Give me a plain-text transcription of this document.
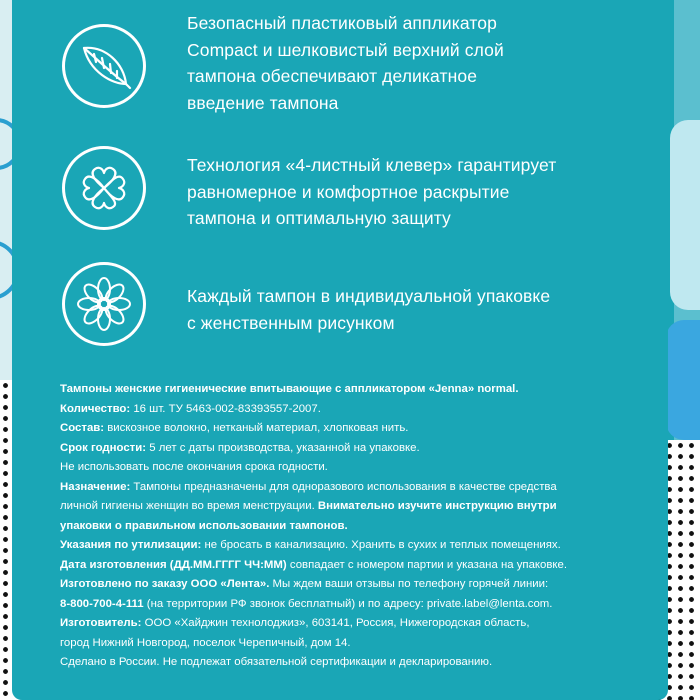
Безопасный пластиковый аппликатор
Compact и шелковистый верхний слой
тампона обеспечивают деликатное
введение тампона
Технология «4-листный клевер» гарантирует
равномерное и комфортное раскрытие
тампона и оптимальную защиту
Каждый тампон в индивидуальной упаковке
с женственным рисунком

Тампоны женские гигиенические впитывающие с аппликатором «Jenna» normal.

Количество: 16 шт. ТУ 5463-002-83393557-2007.

Состав: вискозное волокно, нетканый материал, хлопковая нить.

Срок годности: 5 лет с даты производства, указанной на упаковке.

Не использовать после окончания срока годности.

Назначение: Тампоны предназначены для одноразового использования в качестве средства

личной гигиены женщин во время менструации. Внимательно изучите инструкцию внутри

упаковки о правильном использовании тампонов.

Указания по утилизации: не бросать в канализацию. Хранить в сухих и теплых помещениях.

Дата изготовления (ДД.ММ.ГГГГ ЧЧ:ММ) совпадает с номером партии и указана на упаковке.

Изготовлено по заказу ООО «Лента». Мы ждем ваши отзывы по телефону горячей линии:

8-800-700-4-111 (на территории РФ звонок бесплатный) и по адресу: private.label@lenta.com.

Изготовитель: ООО «Хайджин технолоджиз», 603141, Россия, Нижегородская область,

город Нижний Новгород, поселок Черепичный, дом 14.

Сделано в России. Не подлежат обязательной сертификации и декларированию.
